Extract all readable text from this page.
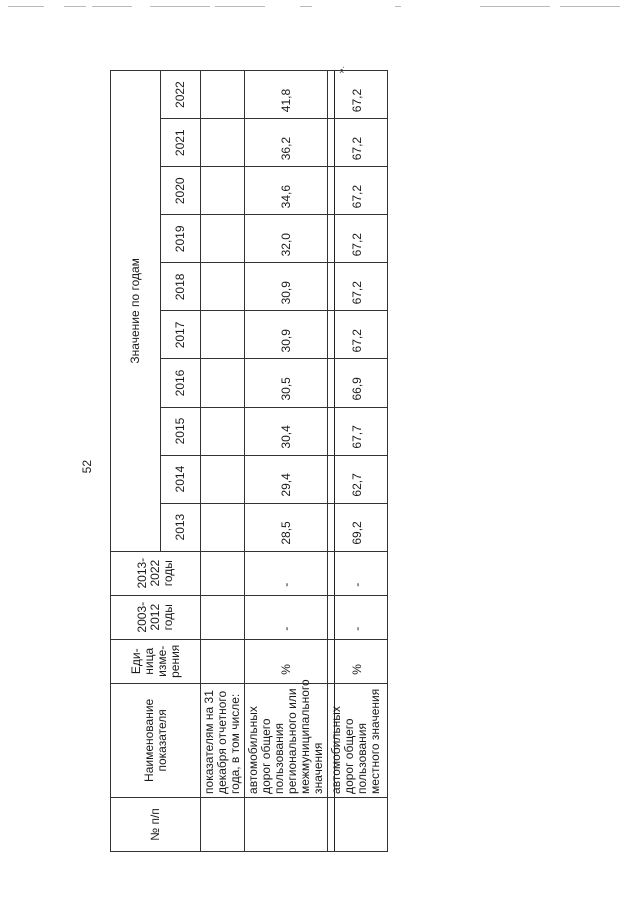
52
».
№ п/п	Наименование показателя	Еди-ница изме-рения	2003-2012 годы	2013-2022 годы	Значение по годам									
					2013	2014	2015	2016	2017	2018	2019	2020	2021	2022
	показателям на 31 декабря отчетного года, в том числе:													
	автомобильных дорог общего пользования регионального или межмуниципального значения	%	-	-	28,5	29,4	30,4	30,5	30,9	30,9	32,0	34,6	36,2	41,8
	автомобильных дорог общего пользования местного значения	%	-	-	69,2	62,7	67,7	66,9	67,2	67,2	67,2	67,2	67,2	67,2
